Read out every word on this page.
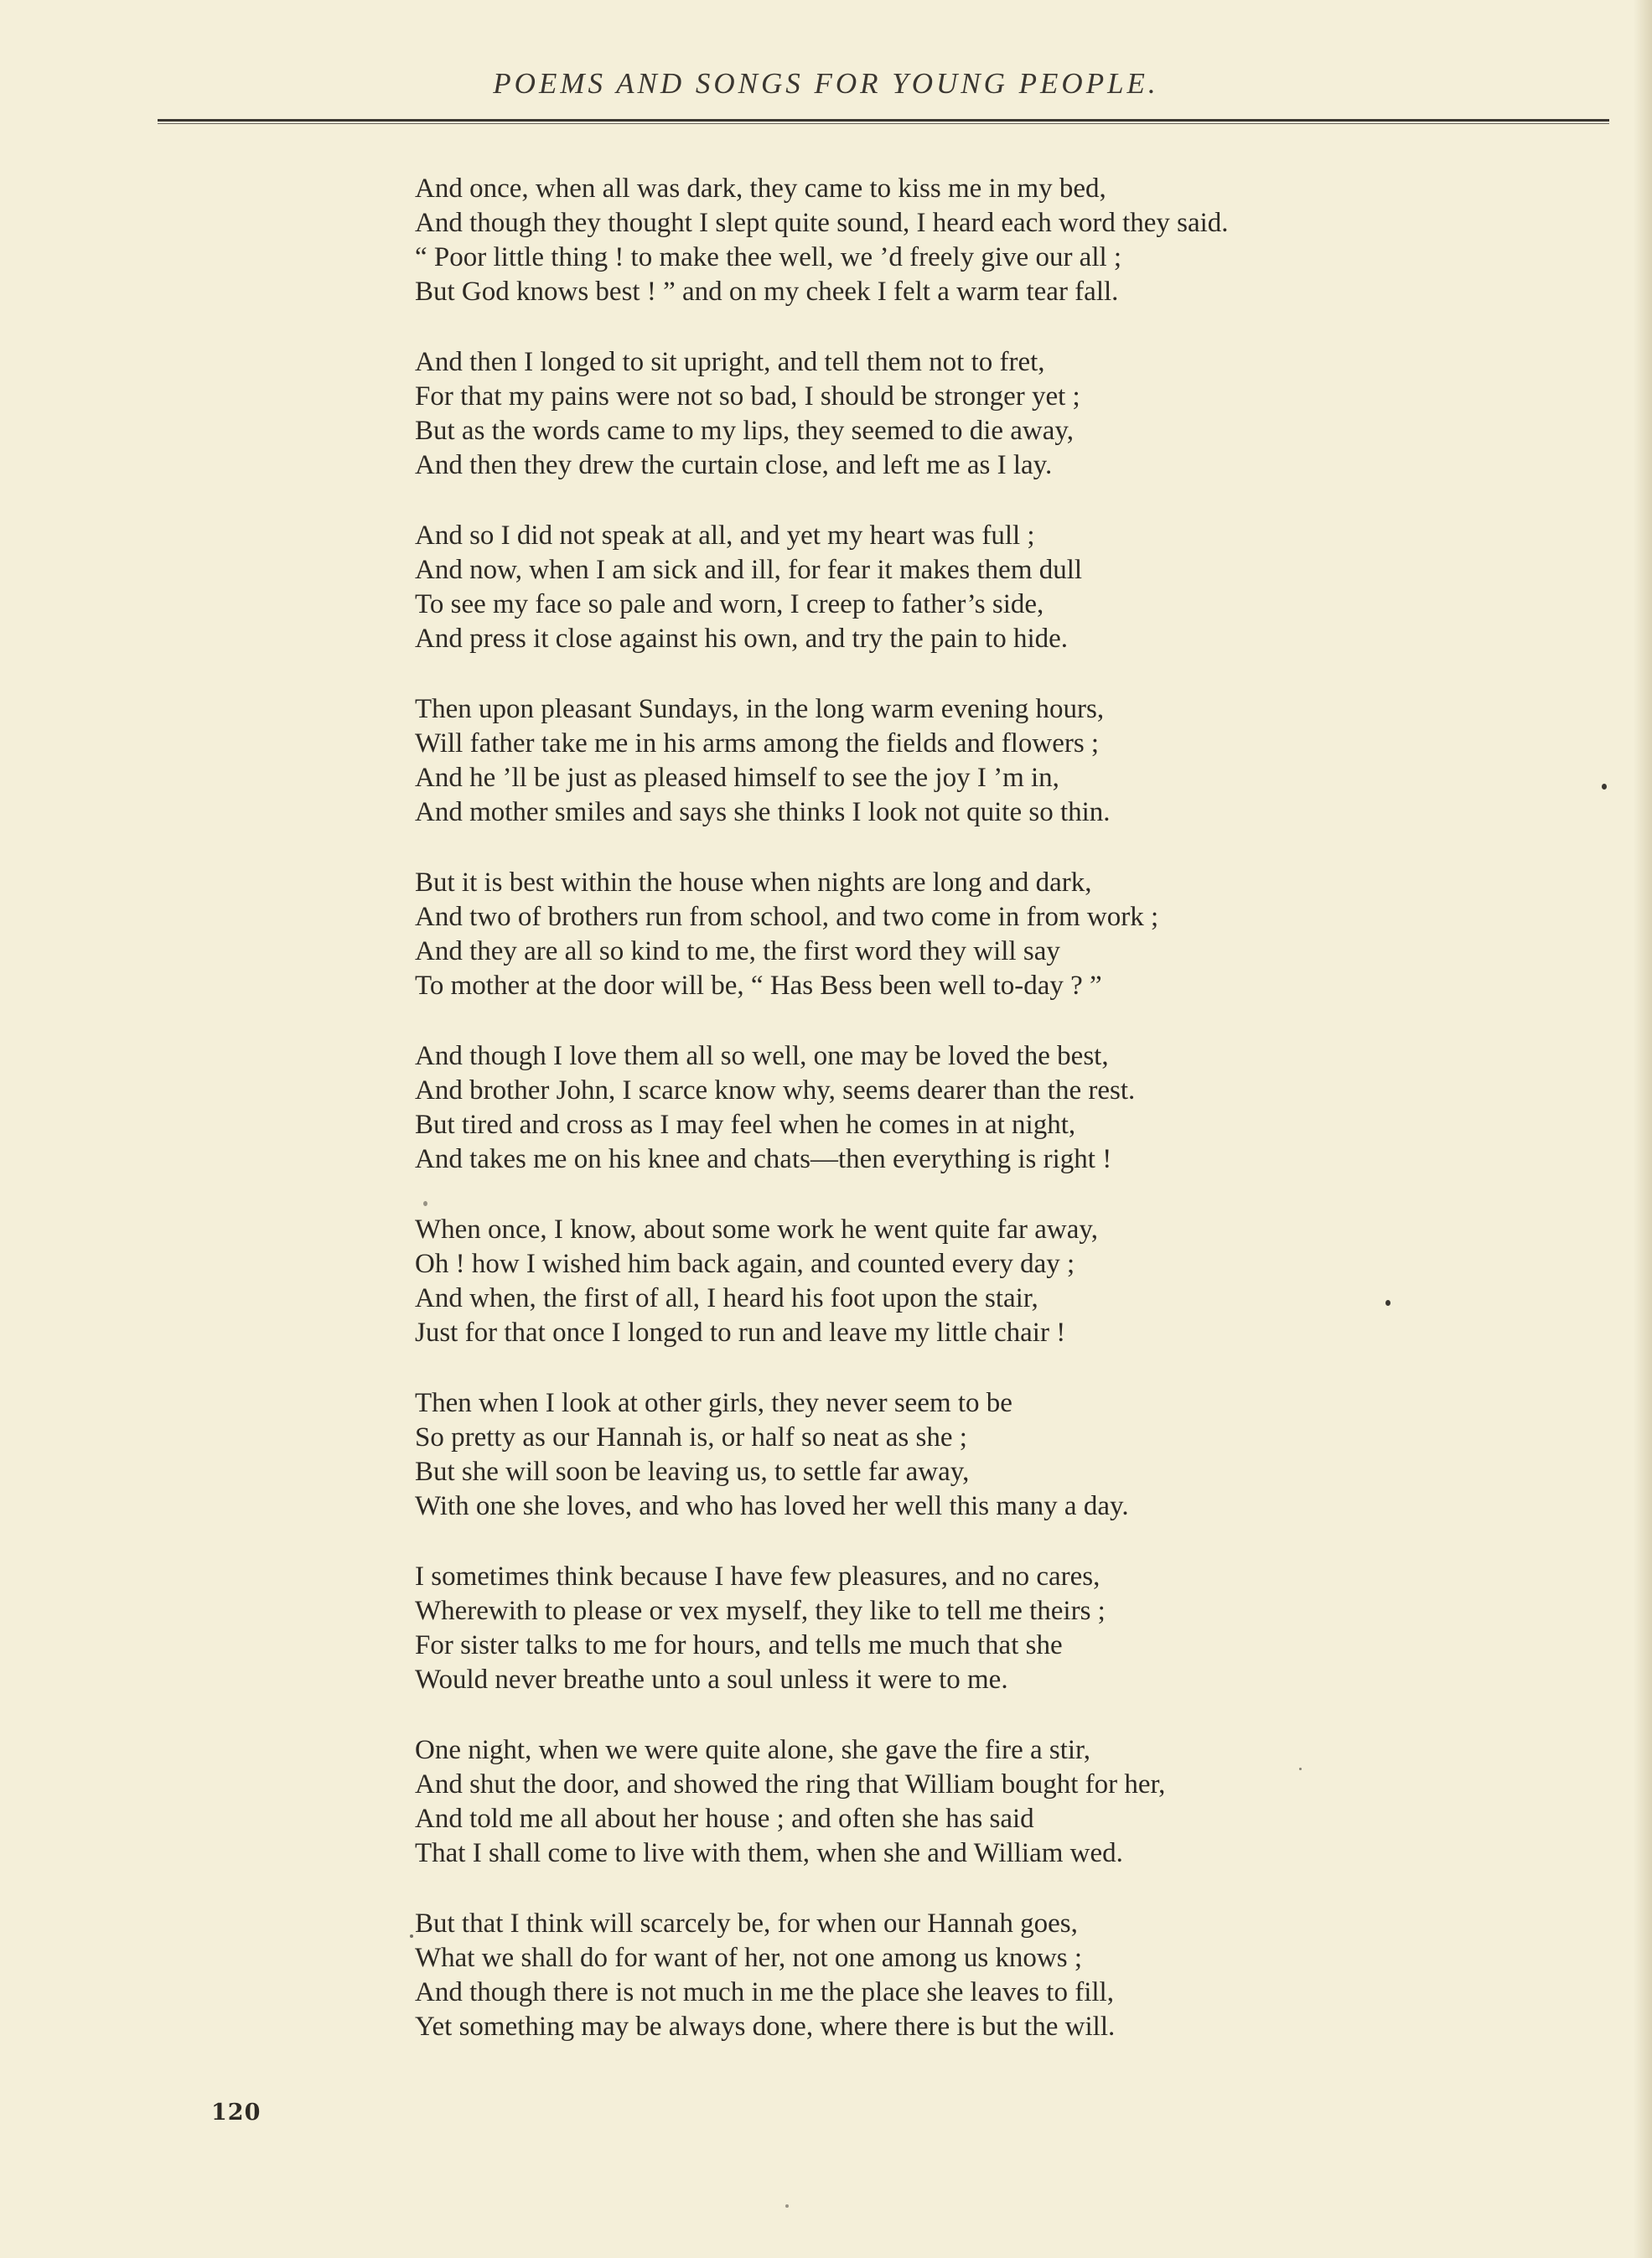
POEMS AND SONGS FOR YOUNG PEOPLE.
And once, when all was dark, they came to kiss me in my bed,
And though they thought I slept quite sound, I heard each word they said.
“ Poor little thing ! to make thee well, we ’d freely give our all ;
But God knows best ! ” and on my cheek I felt a warm tear fall.
And then I longed to sit upright, and tell them not to fret,
For that my pains were not so bad, I should be stronger yet ;
But as the words came to my lips, they seemed to die away,
And then they drew the curtain close, and left me as I lay.
And so I did not speak at all, and yet my heart was full ;
And now, when I am sick and ill, for fear it makes them dull
To see my face so pale and worn, I creep to father’s side,
And press it close against his own, and try the pain to hide.
Then upon pleasant Sundays, in the long warm evening hours,
Will father take me in his arms among the fields and flowers ;
And he ’ll be just as pleased himself to see the joy I ’m in,
And mother smiles and says she thinks I look not quite so thin.
But it is best within the house when nights are long and dark,
And two of brothers run from school, and two come in from work ;
And they are all so kind to me, the first word they will say
To mother at the door will be, “ Has Bess been well to-day ? ”
And though I love them all so well, one may be loved the best,
And brother John, I scarce know why, seems dearer than the rest.
But tired and cross as I may feel when he comes in at night,
And takes me on his knee and chats—then everything is right !
When once, I know, about some work he went quite far away,
Oh ! how I wished him back again, and counted every day ;
And when, the first of all, I heard his foot upon the stair,
Just for that once I longed to run and leave my little chair !
Then when I look at other girls, they never seem to be
So pretty as our Hannah is, or half so neat as she ;
But she will soon be leaving us, to settle far away,
With one she loves, and who has loved her well this many a day.
I sometimes think because I have few pleasures, and no cares,
Wherewith to please or vex myself, they like to tell me theirs ;
For sister talks to me for hours, and tells me much that she
Would never breathe unto a soul unless it were to me.
One night, when we were quite alone, she gave the fire a stir,
And shut the door, and showed the ring that William bought for her,
And told me all about her house ; and often she has said
That I shall come to live with them, when she and William wed.
But that I think will scarcely be, for when our Hannah goes,
What we shall do for want of her, not one among us knows ;
And though there is not much in me the place she leaves to fill,
Yet something may be always done, where there is but the will.
120
